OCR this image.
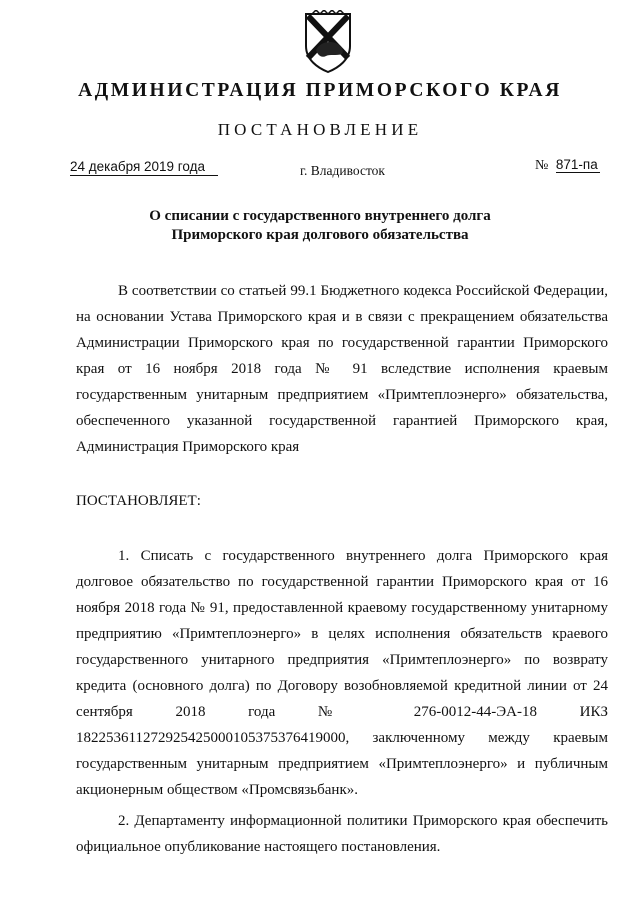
АДМИНИСТРАЦИЯ ПРИМОРСКОГО КРАЯ
ПОСТАНОВЛЕНИЕ
24 декабря 2019 года	г. Владивосток	№ 871-па
О списании с государственного внутреннего долга
Приморского края долгового обязательства
В соответствии со статьей 99.1 Бюджетного кодекса Российской Федерации, на основании Устава Приморского края и в связи с прекращением обязательства Администрации Приморского края по государственной гарантии Приморского края от 16 ноября 2018 года № 91 вследствие исполнения краевым государственным унитарным предприятием «Примтеплоэнерго» обязательства, обеспеченного указанной государственной гарантией Приморского края, Администрация Приморского края
ПОСТАНОВЛЯЕТ:
1. Списать с государственного внутреннего долга Приморского края долговое обязательство по государственной гарантии Приморского края от 16 ноября 2018 года № 91, предоставленной краевому государственному унитарному предприятию «Примтеплоэнерго» в целях исполнения обязательств краевого государственного унитарного предприятия «Примтеплоэнерго» по возврату кредита (основного долга) по Договору возобновляемой кредитной линии от 24 сентября 2018 года № 276-0012-44-ЭА-18 ИКЗ 182253611272925425000105375376419000, заключенному между краевым государственным унитарным предприятием «Примтеплоэнерго» и публичным акционерным обществом «Промсвязьбанк».
2. Департаменту информационной политики Приморского края обеспечить официальное опубликование настоящего постановления.
